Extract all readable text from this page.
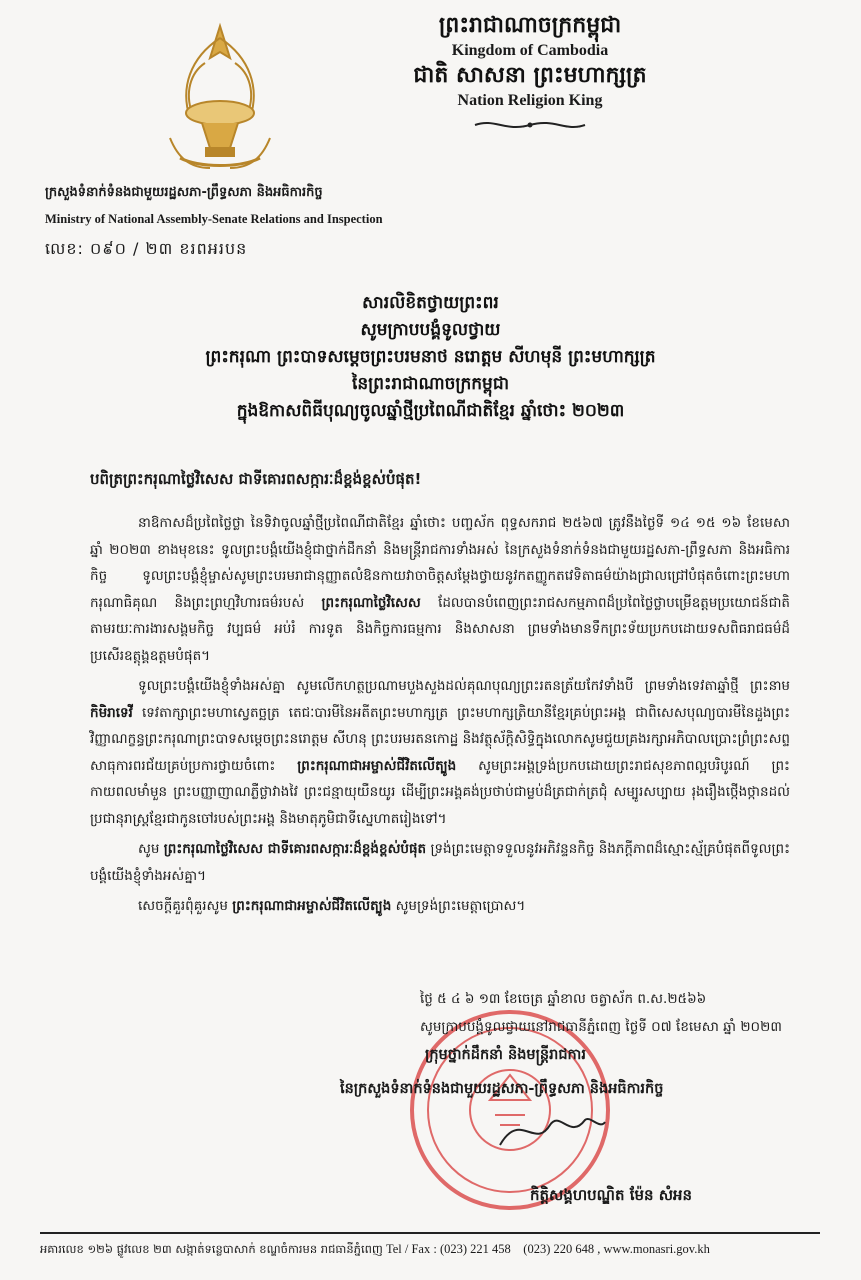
ព្រះរាជាណាចក្រកម្ពុជា
Kingdom of Cambodia
ជាតិ សាសនា ព្រះមហាក្សត្រ
Nation Religion King
ក្រសួងទំនាក់ទំនងជាមួយរដ្ឋសភា-ព្រឹទ្ធសភា និងអធិការកិច្ច
Ministry of National Assembly-Senate Relations and Inspection
លេខ: ០៩០ / ២៣ ខរពអរបន
សារលិខិតថ្វាយព្រះពរ
សូមក្រាបបង្គំទូលថ្វាយ
ព្រះករុណា ព្រះបាទសម្តេចព្រះបរមនាថ នរោត្តម សីហមុនី ព្រះមហាក្សត្រ
នៃព្រះរាជាណាចក្រកម្ពុជា
ក្នុងឱកាសពិធីបុណ្យចូលឆ្នាំថ្មីប្រពៃណីជាតិខ្មែរ ឆ្នាំថោះ ២០២៣
បពិត្រព្រះករុណាថ្លៃវិសេស ជាទីគោរពសក្ការៈដ៏ខ្ពង់ខ្ពស់បំផុត!

នាឱកាសដ៏ប្រពៃថ្លៃថ្លា នៃទិវាចូលឆ្នាំថ្មីប្រពៃណីជាតិខ្មែរ ឆ្នាំថោះ បញ្ចស័ក ពុទ្ធសករាជ ២៥៦៧ ត្រូវនឹងថ្ងៃទី ១៤ ១៥ ១៦ ខែមេសា ឆ្នាំ ២០២៣ ខាងមុខនេះ ទូលព្រះបង្គំយើងខ្ញុំជាថ្នាក់ដឹកនាំ និងមន្ត្រីរាជការទាំងអស់ នៃក្រសួងទំនាក់ទំនងជាមួយរដ្ឋសភា-ព្រឹទ្ធសភា និងអធិការកិច្ច ទូលព្រះបង្គំខ្ញុំម្ចាស់សូមព្រះបរមរាជានុញ្ញាតលំឱនកាយវាចាចិត្តសម្តែងថ្វាយនូវកតញ្ញូកតវេទិតាធម៌យ៉ាងជ្រាលជ្រៅបំផុតចំពោះព្រះមហាករុណាធិគុណ និងព្រះព្រហ្មវិហារធម៌របស់ ព្រះករុណាថ្លៃវិសេស ដែលបានបំពេញព្រះរាជសកម្មភាពដ៏ប្រពៃថ្លៃថ្លាបម្រើឧត្តមប្រយោជន៍ជាតិ តាមរយៈការងារសង្គមកិច្ច វប្បធម៌ អប់រំ ការទូត និងកិច្ចការធម្មការ និងសាសនា ព្រមទាំងមានទឹកព្រះទ័យប្រកបដោយទសពិធរាជធម៌ដ៏ប្រសើរឧត្តុង្គឧត្តមបំផុត។

ទូលព្រះបង្គំយើងខ្ញុំទាំងអស់គ្នា សូមលើកហត្ថប្រណាមបួងសួងដល់គុណបុណ្យព្រះរតនត្រ័យកែវទាំងបី ព្រមទាំងទេវតាឆ្នាំថ្មី ព្រះនាម កិមិរាទេវី ទេវតាក្សាព្រះមហាស្វេតច្ឆត្រ តេជៈបារមីនៃអតីតព្រះមហាក្សត្រ ព្រះមហាក្សត្រិយានីខ្មែរគ្រប់ព្រះអង្គ ជាពិសេសបុណ្យបារមីនៃដួងព្រះវិញ្ញាណក្ខន្ធព្រះករុណាព្រះបាទសម្តេចព្រះនរោត្តម សីហនុ ព្រះបរមរតនកោដ្ឋ និងវត្ថុស័ក្តិសិទ្ធិក្នុងលោកសូមជួយគ្រងរក្សាអភិបាលប្រោះព្រំព្រះសព្ទសាធុការពរជ័យគ្រប់ប្រការថ្វាយចំពោះ ព្រះករុណាជាអម្ចាស់ជីវិតលើត្បូង សូមព្រះអង្គទ្រង់ប្រកបដោយព្រះរាជសុខភាពល្អបរិបូរណ៍ ព្រះកាយពលមាំមួន ព្រះបញ្ញាញាណភ្លឺថ្លាវាងវៃ ព្រះជន្មាយុយឺនយូរ ដើម្បីព្រះអង្គគង់ប្រថាប់ជាម្លប់ដ៏ត្រជាក់ត្រជុំ សម្បូរសប្បាយ រុងរឿងថ្កើងថ្កានដល់ប្រជានុរាស្រ្តខ្មែរជាកូនចៅរបស់ព្រះអង្គ និងមាតុភូមិជាទីស្នេហាតរៀងទៅ។

សូម ព្រះករុណាថ្លៃវិសេស ជាទីគោរពសក្ការៈដ៏ខ្ពង់ខ្ពស់បំផុត ទ្រង់ព្រះមេត្តាទទួលនូវអភិវន្ទនកិច្ច និងភក្តីភាពដ៏ស្មោះស្ម័គ្របំផុតពីទូលព្រះបង្គំយើងខ្ញុំទាំងអស់គ្នា។

សេចក្តីគួរពុំគួរសូម ព្រះករុណាជាអម្ចាស់ជីវិតលើត្បូង សូមទ្រង់ព្រះមេត្តាប្រោស។

ថ្ងៃ ៥ ៤ ៦ ១៣ ខែចេត្រ ឆ្នាំខាល ចត្វាស័ក ព.ស.២៥៦៦
សូមក្រាបបង្គំទូលថ្វាយនៅរាជធានីភ្នំពេញ ថ្ងៃទី ០៧ ខែមេសា ឆ្នាំ ២០២៣
ក្រុមថ្នាក់ដឹកនាំ និងមន្ត្រីរាជការ
នៃក្រសួងទំនាក់ទំនងជាមួយរដ្ឋសភា-ព្រឹទ្ធសភា និងអធិការកិច្ច
កិត្តិសង្គហបណ្ឌិត ម៉ែន សំអន
អគារលេខ ១២៦ ផ្លូវលេខ ២៣ សង្កាត់ទន្លេបាសាក់ ខណ្ឌចំការមន រាជធានីភ្នំពេញ Tel / Fax : (023) 221 458 (023) 220 648 , www.monasri.gov.kh
